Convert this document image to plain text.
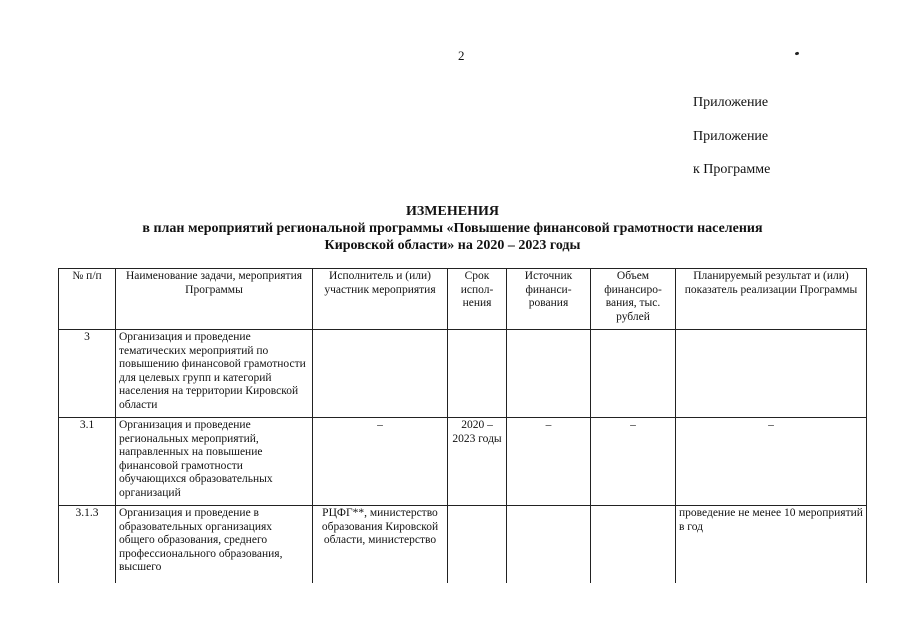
2
Приложение
Приложение
к Программе
ИЗМЕНЕНИЯ
в план мероприятий региональной программы «Повышение финансовой грамотности населения
Кировской области» на 2020 – 2023 годы
№ п/п	Наименование задачи, мероприятия Программы	Исполнитель и (или) участник мероприятия	Срок испол-нения	Источник финанси-рования	Объем финансиро-вания, тыс. рублей	Планируемый результат и (или) показатель реализации Программы
3	Организация и проведение тематических мероприятий по повышению финансовой грамотности для целевых групп и категорий населения на территории Кировской области					
3.1	Организация и проведение региональных мероприятий, направленных на повышение финансовой грамотности обучающихся образовательных организаций	–	2020 – 2023 годы	–	–	–
3.1.3	Организация и проведение в образовательных организациях общего образования, среднего профессионального образования, высшего	РЦФГ**, министерство образования Кировской области, министерство				проведение не менее 10 мероприятий в год
